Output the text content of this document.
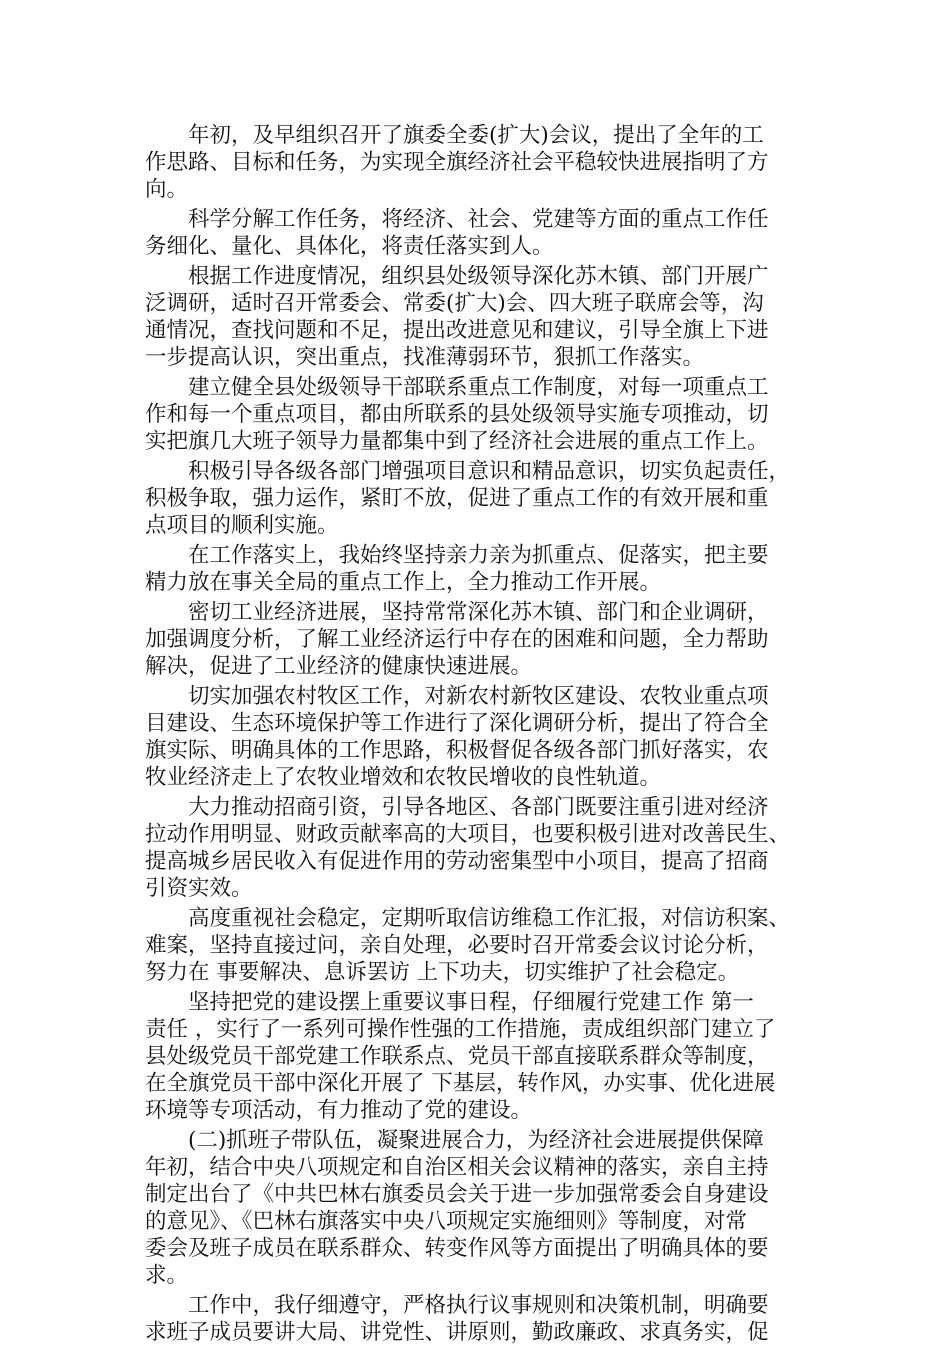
年初，及早组织召开了旗委全委(扩大)会议，提出了全年的工
作思路、目标和任务，为实现全旗经济社会平稳较快进展指明了方
向。

科学分解工作任务，将经济、社会、党建等方面的重点工作任
务细化、量化、具体化，将责任落实到人。

根据工作进度情况，组织县处级领导深化苏木镇、部门开展广
泛调研，适时召开常委会、常委(扩大)会、四大班子联席会等，沟
通情况，查找问题和不足，提出改进意见和建议，引导全旗上下进
一步提高认识，突出重点，找准薄弱环节，狠抓工作落实。

建立健全县处级领导干部联系重点工作制度，对每一项重点工
作和每一个重点项目，都由所联系的县处级领导实施专项推动，切
实把旗几大班子领导力量都集中到了经济社会进展的重点工作上。

积极引导各级各部门增强项目意识和精品意识，切实负起责任，
积极争取，强力运作，紧盯不放，促进了重点工作的有效开展和重
点项目的顺利实施。

在工作落实上，我始终坚持亲力亲为抓重点、促落实，把主要
精力放在事关全局的重点工作上，全力推动工作开展。

密切工业经济进展，坚持常常深化苏木镇、部门和企业调研，
加强调度分析，了解工业经济运行中存在的困难和问题，全力帮助
解决，促进了工业经济的健康快速进展。

切实加强农村牧区工作，对新农村新牧区建设、农牧业重点项
目建设、生态环境保护等工作进行了深化调研分析，提出了符合全
旗实际、明确具体的工作思路，积极督促各级各部门抓好落实，农
牧业经济走上了农牧业增效和农牧民增收的良性轨道。

大力推动招商引资，引导各地区、各部门既要注重引进对经济
拉动作用明显、财政贡献率高的大项目，也要积极引进对改善民生、
提高城乡居民收入有促进作用的劳动密集型中小项目，提高了招商
引资实效。

高度重视社会稳定，定期听取信访维稳工作汇报，对信访积案、
难案，坚持直接过问，亲自处理，必要时召开常委会议讨论分析，
努力在 事要解决、息诉罢访 上下功夫，切实维护了社会稳定。

坚持把党的建设摆上重要议事日程，仔细履行党建工作 第一
责任 ，实行了一系列可操作性强的工作措施，责成组织部门建立了
县处级党员干部党建工作联系点、党员干部直接联系群众等制度，
在全旗党员干部中深化开展了 下基层，转作风，办实事、优化进展
环境等专项活动，有力推动了党的建设。

(二)抓班子带队伍，凝聚进展合力，为经济社会进展提供保障
年初，结合中央八项规定和自治区相关会议精神的落实，亲自主持
制定出台了《中共巴林右旗委员会关于进一步加强常委会自身建设
的意见》、《巴林右旗落实中央八项规定实施细则》等制度，对常
委会及班子成员在联系群众、转变作风等方面提出了明确具体的要
求。

工作中，我仔细遵守，严格执行议事规则和决策机制，明确要
求班子成员要讲大局、讲党性、讲原则，勤政廉政、求真务实，促
